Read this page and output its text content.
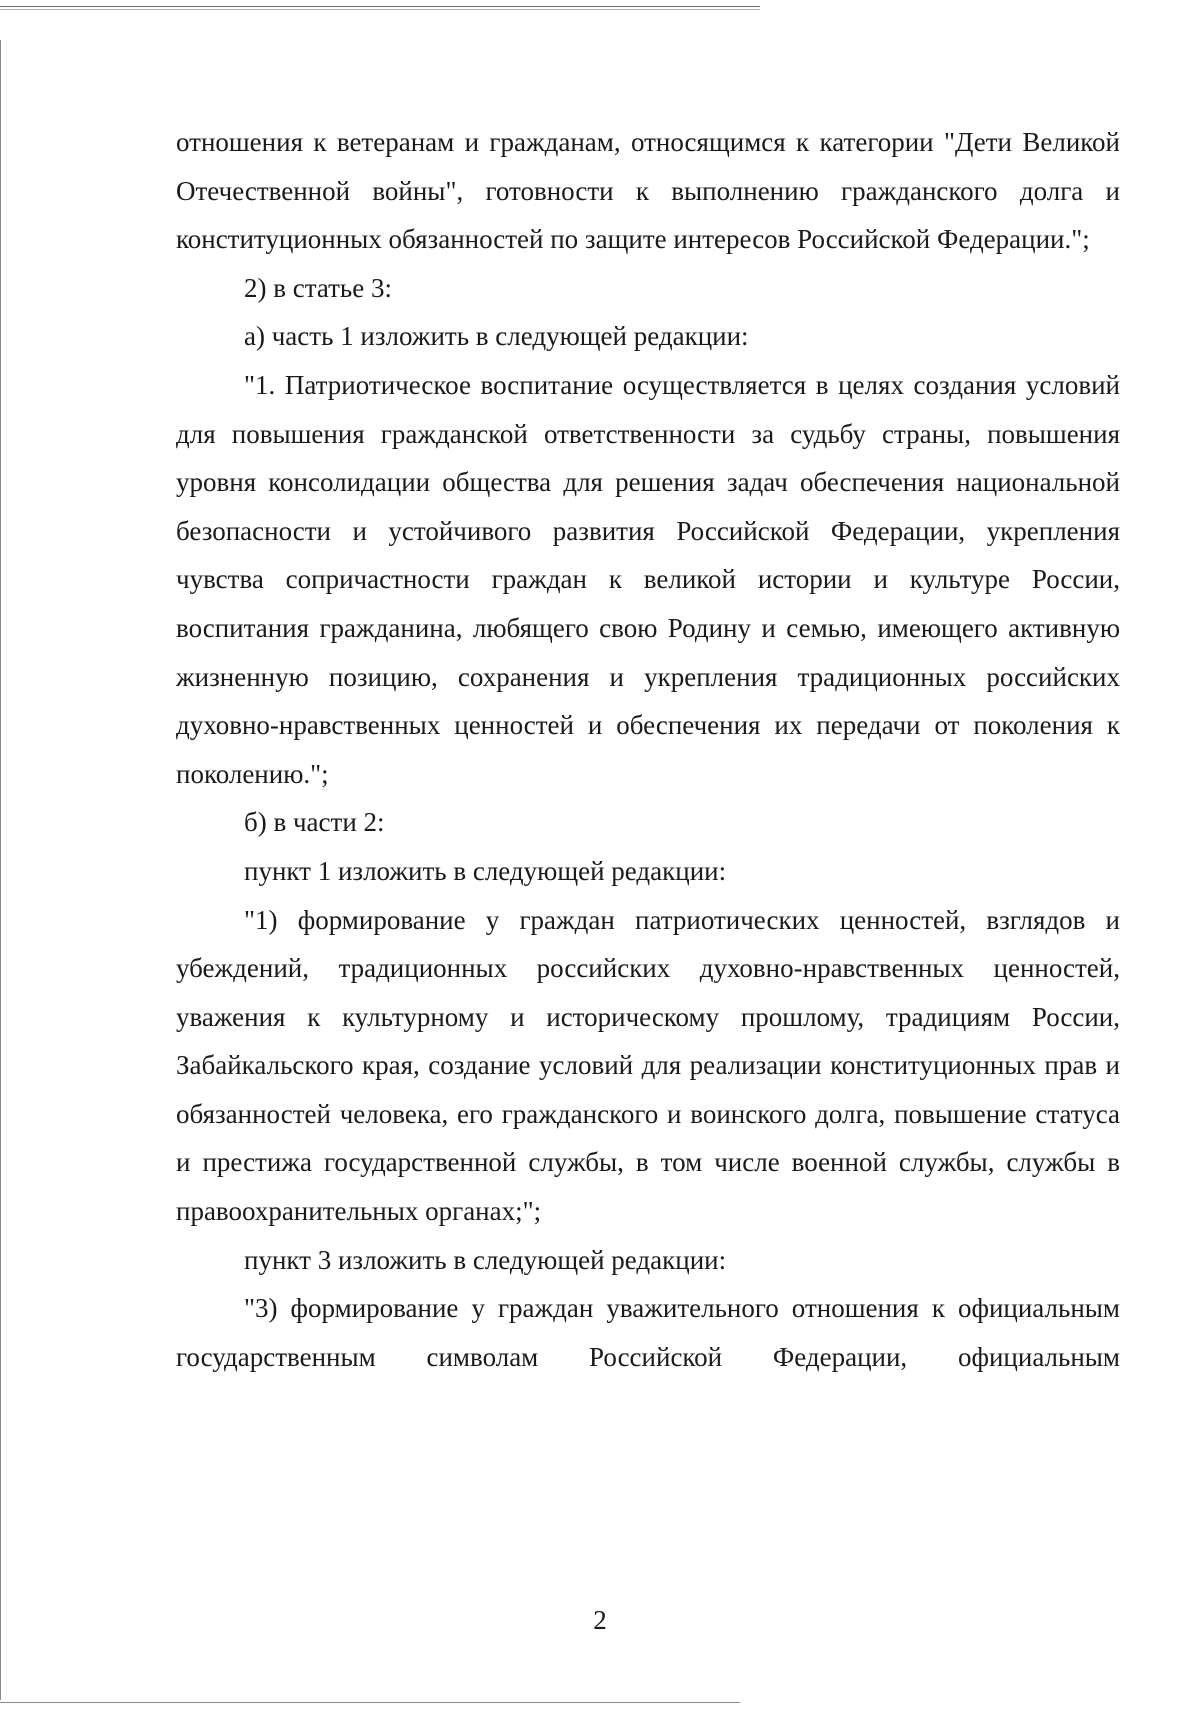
отношения к ветеранам и гражданам, относящимся к категории "Дети Великой Отечественной войны", готовности к выполнению гражданского долга и конституционных обязанностей по защите интересов Российской Федерации.";

2) в статье 3:

а) часть 1 изложить в следующей редакции:

"1. Патриотическое воспитание осуществляется в целях создания условий для повышения гражданской ответственности за судьбу страны, повышения уровня консолидации общества для решения задач обеспечения национальной безопасности и устойчивого развития Российской Федерации, укрепления чувства сопричастности граждан к великой истории и культуре России, воспитания гражданина, любящего свою Родину и семью, имеющего активную жизненную позицию, сохранения и укрепления традиционных российских духовно-нравственных ценностей и обеспечения их передачи от поколения к поколению.";

б) в части 2:

пункт 1 изложить в следующей редакции:

"1) формирование у граждан патриотических ценностей, взглядов и убеждений, традиционных российских духовно-нравственных ценностей, уважения к культурному и историческому прошлому, традициям России, Забайкальского края, создание условий для реализации конституционных прав и обязанностей человека, его гражданского и воинского долга, повышение статуса и престижа государственной службы, в том числе военной службы, службы в правоохранительных органах;";

пункт 3 изложить в следующей редакции:

"3) формирование у граждан уважительного отношения к официальным государственным символам Российской Федерации, официальным

2
